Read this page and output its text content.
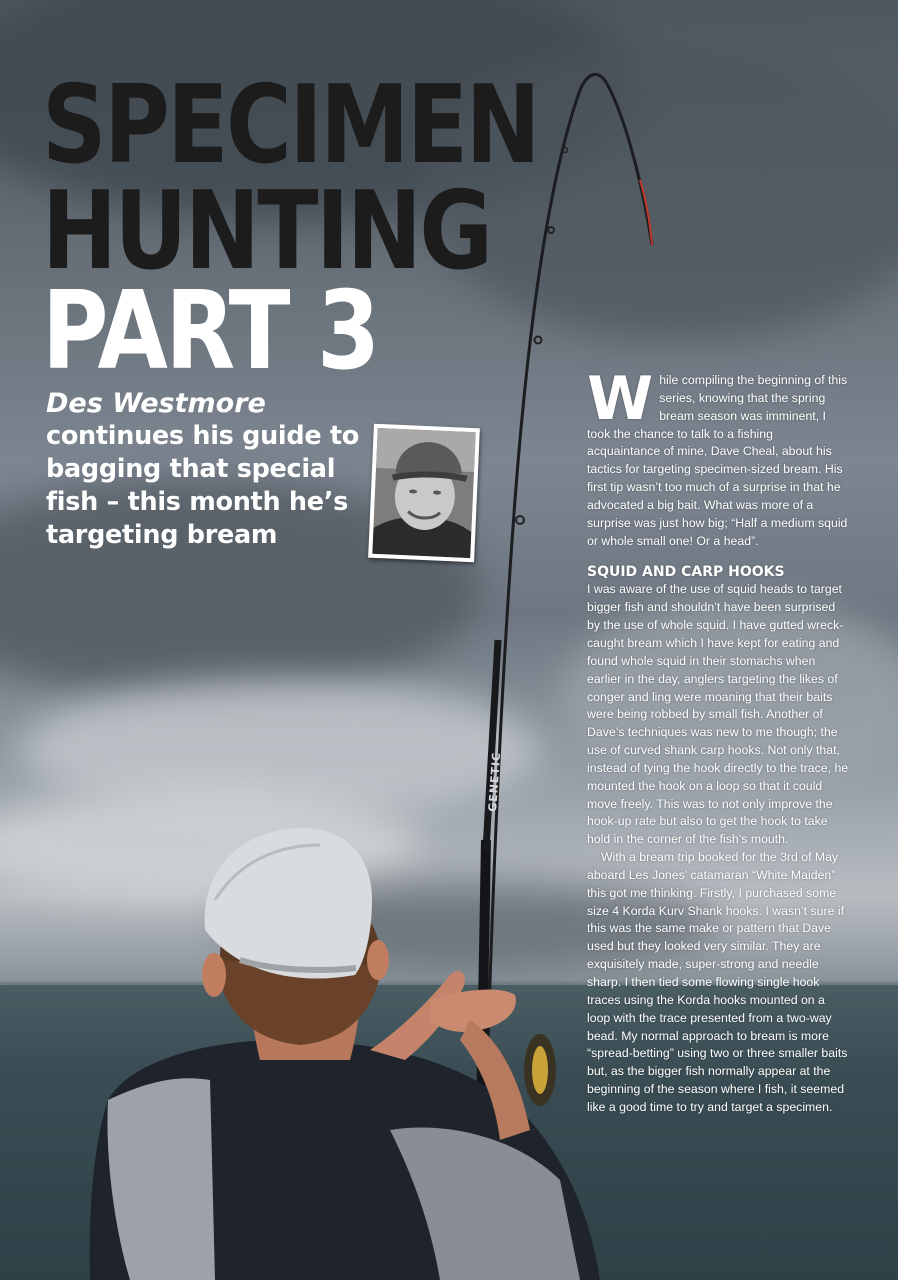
GENETIC
SPECIMEN
HUNTING
PART 3
Des Westmore
continues his guide to bagging that special fish – this month he’s targeting bream

While compiling the beginning of this series, knowing that the spring bream season was imminent, I took the chance to talk to a fishing acquaintance of mine, Dave Cheal, about his tactics for targeting specimen-sized bream. His first tip wasn’t too much of a surprise in that he advocated a big bait. What was more of a surprise was just how big; “Half a medium squid or whole small one! Or a head”.

SQUID AND CARP HOOKS

I was aware of the use of squid heads to target bigger fish and shouldn’t have been surprised by the use of whole squid. I have gutted wreck-caught bream which I have kept for eating and found whole squid in their stomachs when earlier in the day, anglers targeting the likes of conger and ling were moaning that their baits were being robbed by small fish. Another of Dave’s techniques was new to me though; the use of curved shank carp hooks. Not only that, instead of tying the hook directly to the trace, he mounted the hook on a loop so that it could move freely. This was to not only improve the hook-up rate but also to get the hook to take hold in the corner of the fish’s mouth.

With a bream trip booked for the 3rd of May aboard Les Jones’ catamaran “White Maiden” this got me thinking. Firstly, I purchased some size 4 Korda Kurv Shank hooks. I wasn’t sure if this was the same make or pattern that Dave used but they looked very similar. They are exquisitely made, super-strong and needle sharp. I then tied some flowing single hook traces using the Korda hooks mounted on a loop with the trace presented from a two-way bead. My normal approach to bream is more “spread-betting” using two or three smaller baits but, as the bigger fish normally appear at the beginning of the season where I fish, it seemed like a good time to try and target a specimen.
